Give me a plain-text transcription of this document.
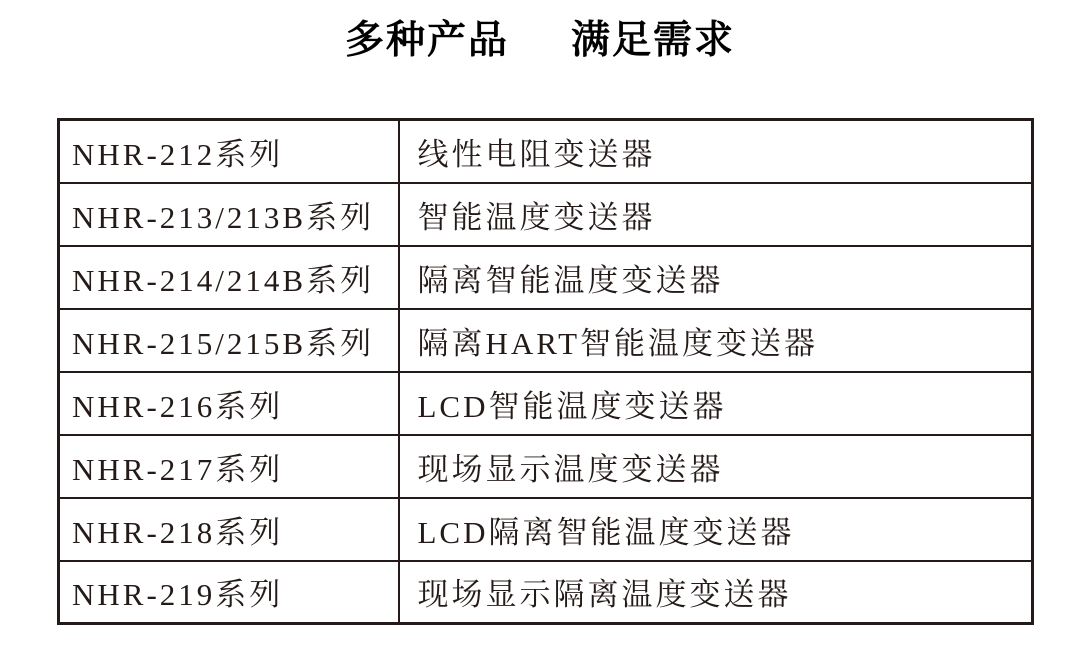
多种产品 满足需求
NHR-212系列	线性电阻变送器
NHR-213/213B系列	智能温度变送器
NHR-214/214B系列	隔离智能温度变送器
NHR-215/215B系列	隔离HART智能温度变送器
NHR-216系列	LCD智能温度变送器
NHR-217系列	现场显示温度变送器
NHR-218系列	LCD隔离智能温度变送器
NHR-219系列	现场显示隔离温度变送器
